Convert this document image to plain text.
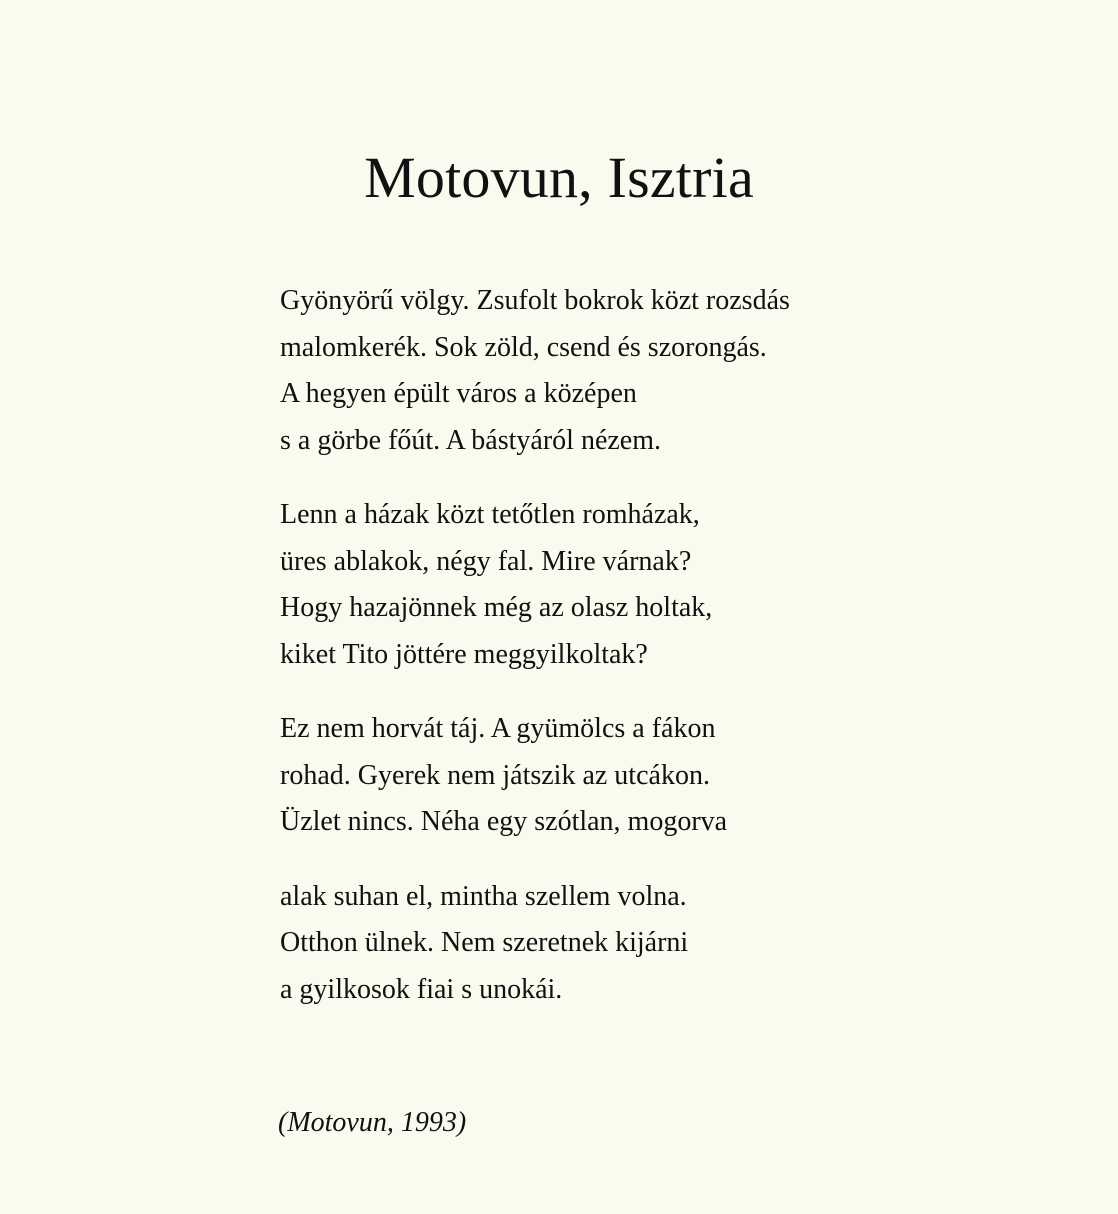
Motovun, Isztria
Gyönyörű völgy. Zsufolt bokrok közt rozsdás
malomkerék. Sok zöld, csend és szorongás.
A hegyen épült város a középen
s a görbe főút. A bástyáról nézem.
Lenn a házak közt tetőtlen romházak,
üres ablakok, négy fal. Mire várnak?
Hogy hazajönnek még az olasz holtak,
kiket Tito jöttére meggyilkoltak?
Ez nem horvát táj. A gyümölcs a fákon
rohad. Gyerek nem játszik az utcákon.
Üzlet nincs. Néha egy szótlan, mogorva
alak suhan el, mintha szellem volna.
Otthon ülnek. Nem szeretnek kijárni
a gyilkosok fiai s unokái.
(Motovun, 1993)
